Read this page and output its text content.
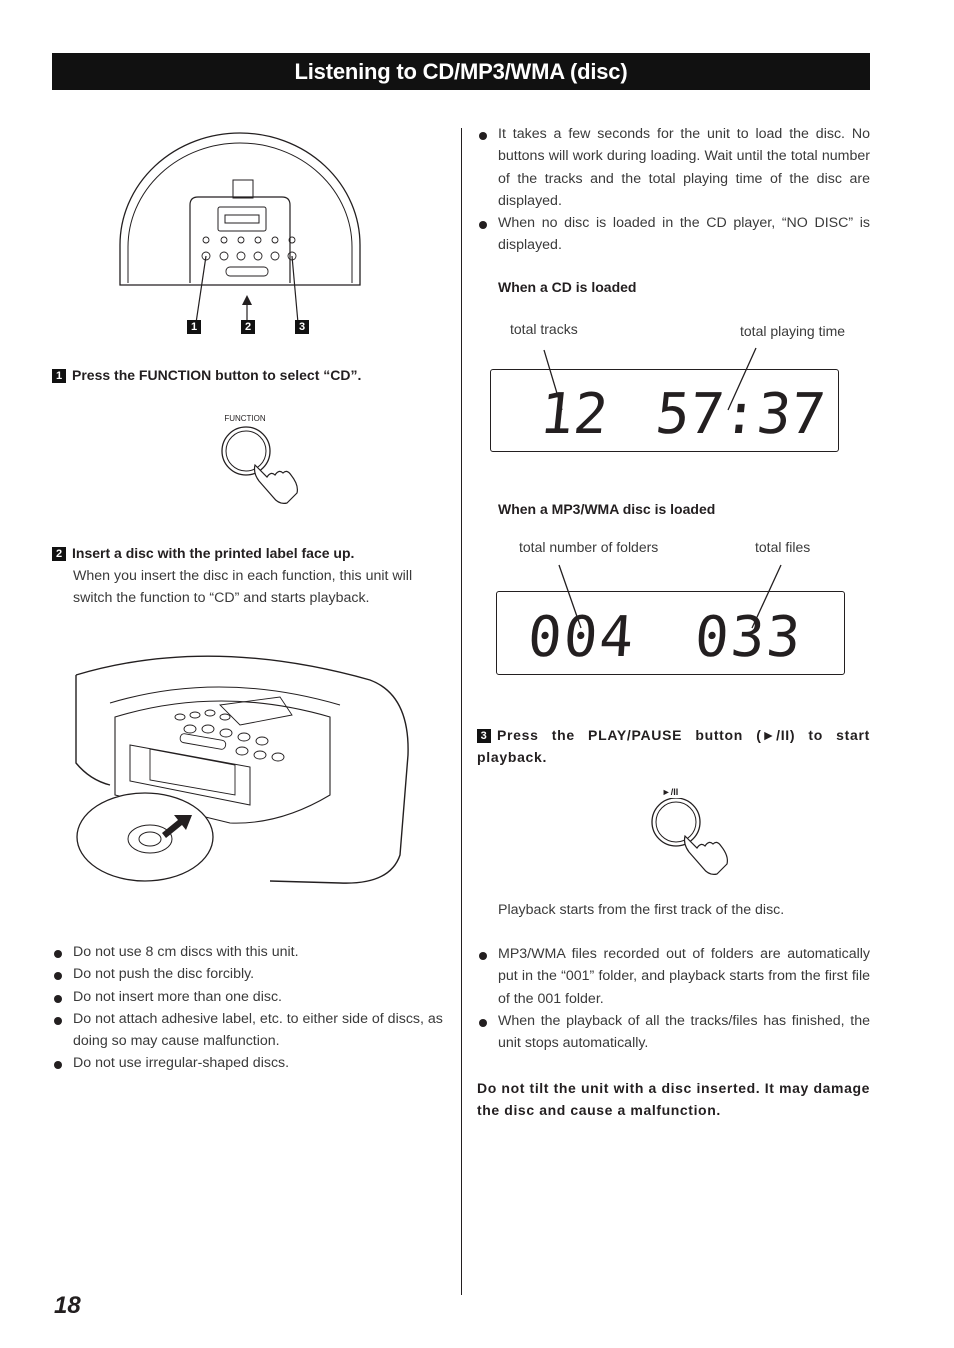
Listening to CD/MP3/WMA (disc)
1	2	3
1 Press the FUNCTION button to select “CD”.
FUNCTION
2 Insert a disc with the printed label face up.
When you insert the disc in each function, this unit will switch the function to “CD” and starts playback.
Do not use 8 cm discs with this unit.
Do not push the disc forcibly.
Do not insert more than one disc.
Do not attach adhesive label, etc. to either side of discs, as doing so may cause malfunction.
Do not use irregular-shaped discs.
It takes a few seconds for the unit to load the disc. No buttons will work during loading. Wait until the total number of the tracks and the total playing time of the disc are displayed.
When no disc is loaded in the CD player, “NO DISC” is displayed.
When a CD is loaded
total tracks	total playing time
12 57:37
When a MP3/WMA disc is loaded
total number of folders	total files
004 033
3 Press the PLAY/PAUSE button (►/II) to start playback.
►/II
Playback starts from the first track of the disc.
MP3/WMA files recorded out of folders are automatically put in the “001” folder, and playback starts from the first file of the 001 folder.
When the playback of all the tracks/files has finished, the unit stops automatically.
Do not tilt the unit with a disc inserted. It may damage the disc and cause a malfunction.
18
